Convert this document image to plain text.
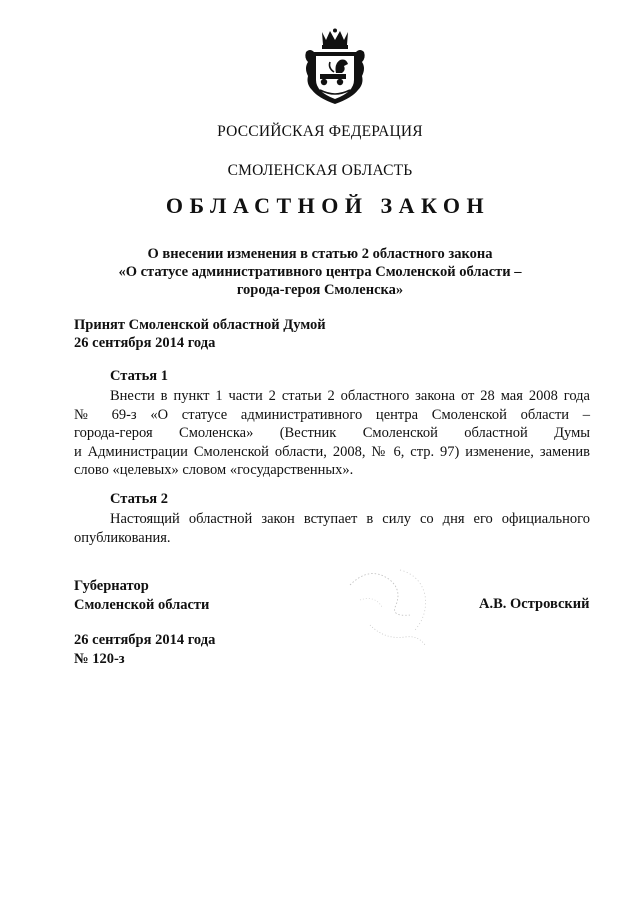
РОССИЙСКАЯ ФЕДЕРАЦИЯ
СМОЛЕНСКАЯ ОБЛАСТЬ
ОБЛАСТНОЙ ЗАКОН
О внесении изменения в статью 2 областного закона
«О статусе административного центра Смоленской области –
города-героя Смоленска»
Принят Смоленской областной Думой
26 сентября 2014 года
Статья 1
Внести в пункт 1 части 2 статьи 2 областного закона от 28 мая 2008 года
№ 69-з «О статусе административного центра Смоленской области –
города-героя Смоленска» (Вестник Смоленской областной Думы
и Администрации Смоленской области, 2008, № 6, стр. 97) изменение, заменив
слово «целевых» словом «государственных».
Статья 2
Настоящий областной закон вступает в силу со дня его официального
опубликования.
Губернатор
Смоленской области	А.В. Островский
26 сентября 2014 года
№ 120-з
